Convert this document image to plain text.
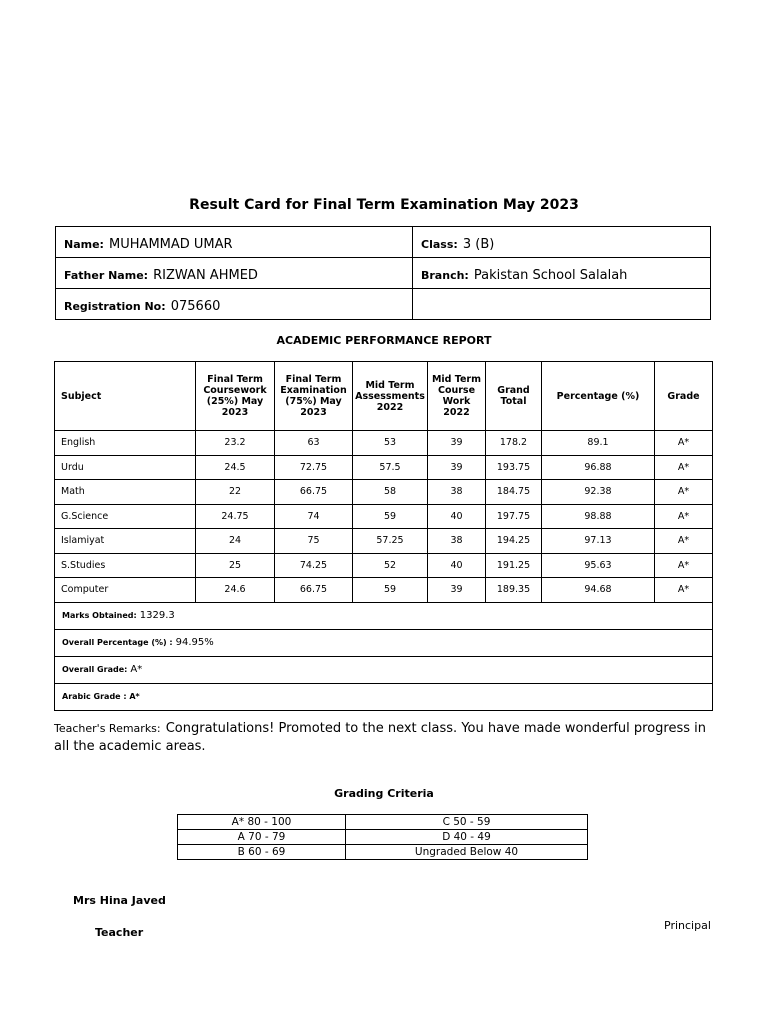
Result Card for Final Term Examination May 2023
Name: MUHAMMAD UMAR	Class: 3 (B)
Father Name: RIZWAN AHMED	Branch: Pakistan School Salalah
Registration No: 075660	
ACADEMIC PERFORMANCE REPORT
Subject	Final Term Coursework (25%) May 2023	Final Term Examination (75%) May 2023	Mid Term Assessments 2022	Mid Term Course Work 2022	Grand Total	Percentage (%)	Grade
English	23.2	63	53	39	178.2	89.1	A*
Urdu	24.5	72.75	57.5	39	193.75	96.88	A*
Math	22	66.75	58	38	184.75	92.38	A*
G.Science	24.75	74	59	40	197.75	98.88	A*
Islamiyat	24	75	57.25	38	194.25	97.13	A*
S.Studies	25	74.25	52	40	191.25	95.63	A*
Computer	24.6	66.75	59	39	189.35	94.68	A*
Marks Obtained: 1329.3							
Overall Percentage (%) : 94.95%							
Overall Grade: A*							
Arabic Grade : A*							
Teacher's Remarks: Congratulations! Promoted to the next class. You have made wonderful progress in all the academic areas.
Grading Criteria
A* 80 - 100	C 50 - 59
A 70 - 79	D 40 - 49
B 60 - 69	Ungraded Below 40
Mrs Hina Javed
Teacher
Principal
